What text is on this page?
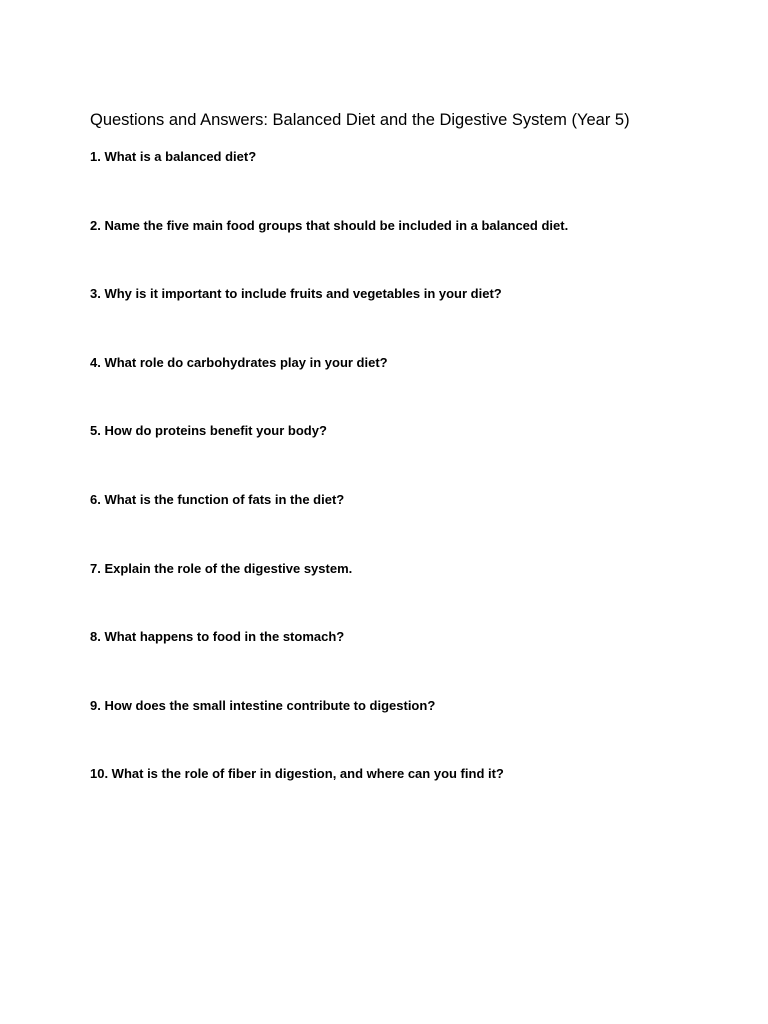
Questions and Answers: Balanced Diet and the Digestive System (Year 5)
1. What is a balanced diet?
2. Name the five main food groups that should be included in a balanced diet.
3. Why is it important to include fruits and vegetables in your diet?
4. What role do carbohydrates play in your diet?
5. How do proteins benefit your body?
6. What is the function of fats in the diet?
7. Explain the role of the digestive system.
8. What happens to food in the stomach?
9. How does the small intestine contribute to digestion?
10. What is the role of fiber in digestion, and where can you find it?
